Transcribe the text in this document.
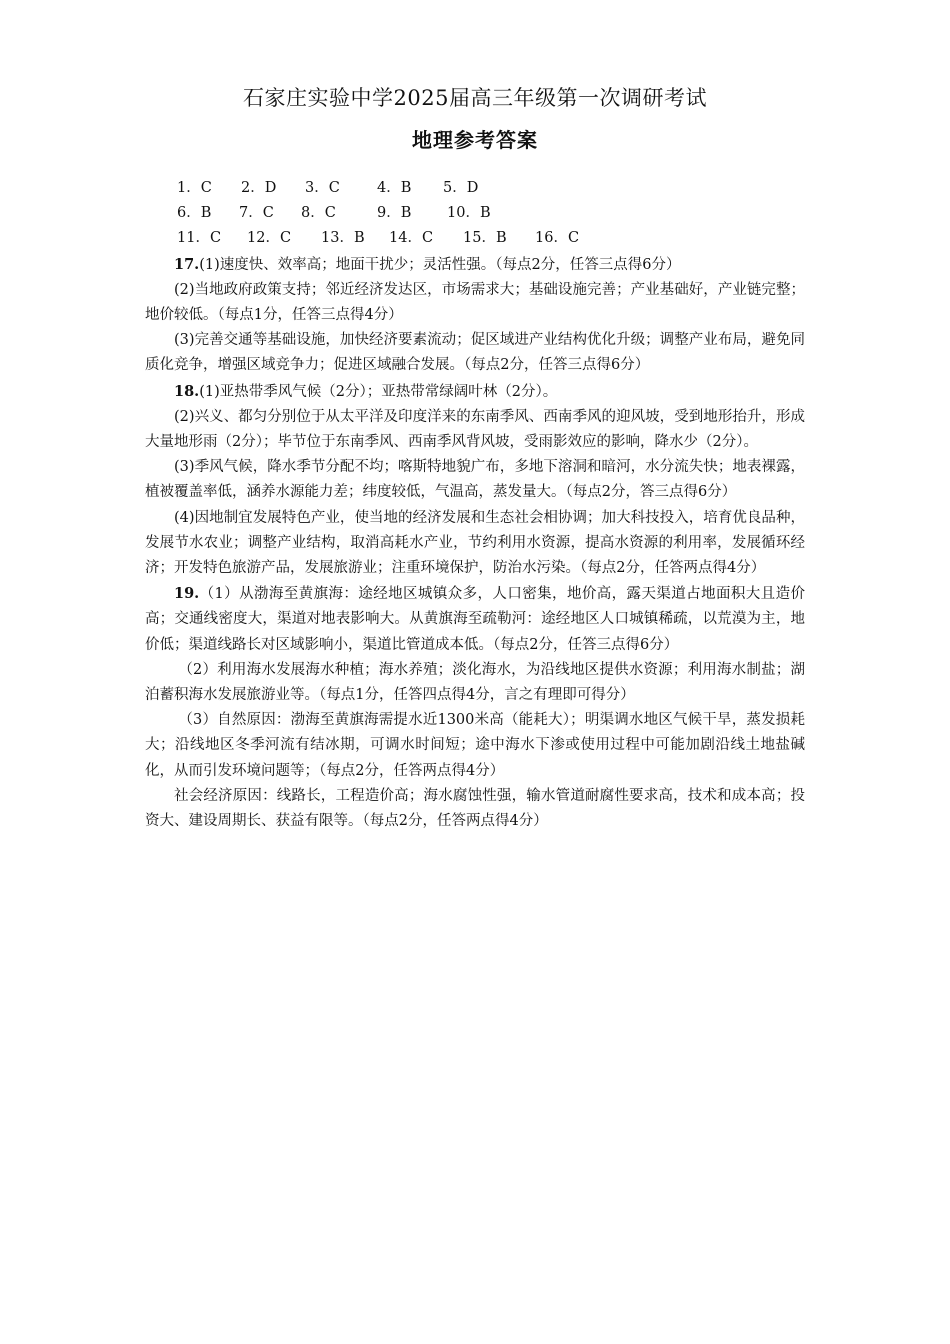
石家庄实验中学2025届高三年级第一次调研考试
地理参考答案
1．C	2．D	3．C	4．B	5．D
6．B	7．C	8．C	9．B	10．B
11．C	12．C	13．B	14．C	15．B	16．C

17.(1)速度快、效率高；地面干扰少；灵活性强。（每点2分，任答三点得6分）

(2)当地政府政策支持；邻近经济发达区，市场需求大；基础设施完善；产业基础好，产业链完整；地价较低。（每点1分，任答三点得4分）

(3)完善交通等基础设施，加快经济要素流动；促区域进产业结构优化升级；调整产业布局，避免同质化竞争，增强区域竞争力；促进区域融合发展。（每点2分，任答三点得6分）

18.(1)亚热带季风气候（2分）；亚热带常绿阔叶林（2分）。

(2)兴义、都匀分别位于从太平洋及印度洋来的东南季风、西南季风的迎风坡，受到地形抬升，形成大量地形雨（2分）；毕节位于东南季风、西南季风背风坡，受雨影效应的影响，降水少（2分）。

(3)季风气候，降水季节分配不均；喀斯特地貌广布，多地下溶洞和暗河，水分流失快；地表裸露，植被覆盖率低，涵养水源能力差；纬度较低，气温高，蒸发量大。（每点2分，答三点得6分）

(4)因地制宜发展特色产业，使当地的经济发展和生态社会相协调；加大科技投入，培育优良品种，发展节水农业；调整产业结构，取消高耗水产业，节约利用水资源，提高水资源的利用率，发展循环经济；开发特色旅游产品，发展旅游业；注重环境保护，防治水污染。（每点2分，任答两点得4分）

19.（1）从渤海至黄旗海：途经地区城镇众多，人口密集，地价高，露天渠道占地面积大且造价高；交通线密度大，渠道对地表影响大。从黄旗海至疏勒河：途经地区人口城镇稀疏，以荒漠为主，地价低；渠道线路长对区域影响小，渠道比管道成本低。（每点2分，任答三点得6分）

（2）利用海水发展海水种植；海水养殖；淡化海水，为沿线地区提供水资源；利用海水制盐；湖泊蓄积海水发展旅游业等。（每点1分，任答四点得4分，言之有理即可得分）

（3）自然原因：渤海至黄旗海需提水近1300米高（能耗大）；明渠调水地区气候干旱，蒸发损耗大；沿线地区冬季河流有结冰期，可调水时间短；途中海水下渗或使用过程中可能加剧沿线土地盐碱化，从而引发环境问题等；（每点2分，任答两点得4分）

社会经济原因：线路长，工程造价高；海水腐蚀性强，输水管道耐腐性要求高，技术和成本高；投资大、建设周期长、获益有限等。（每点2分，任答两点得4分）
